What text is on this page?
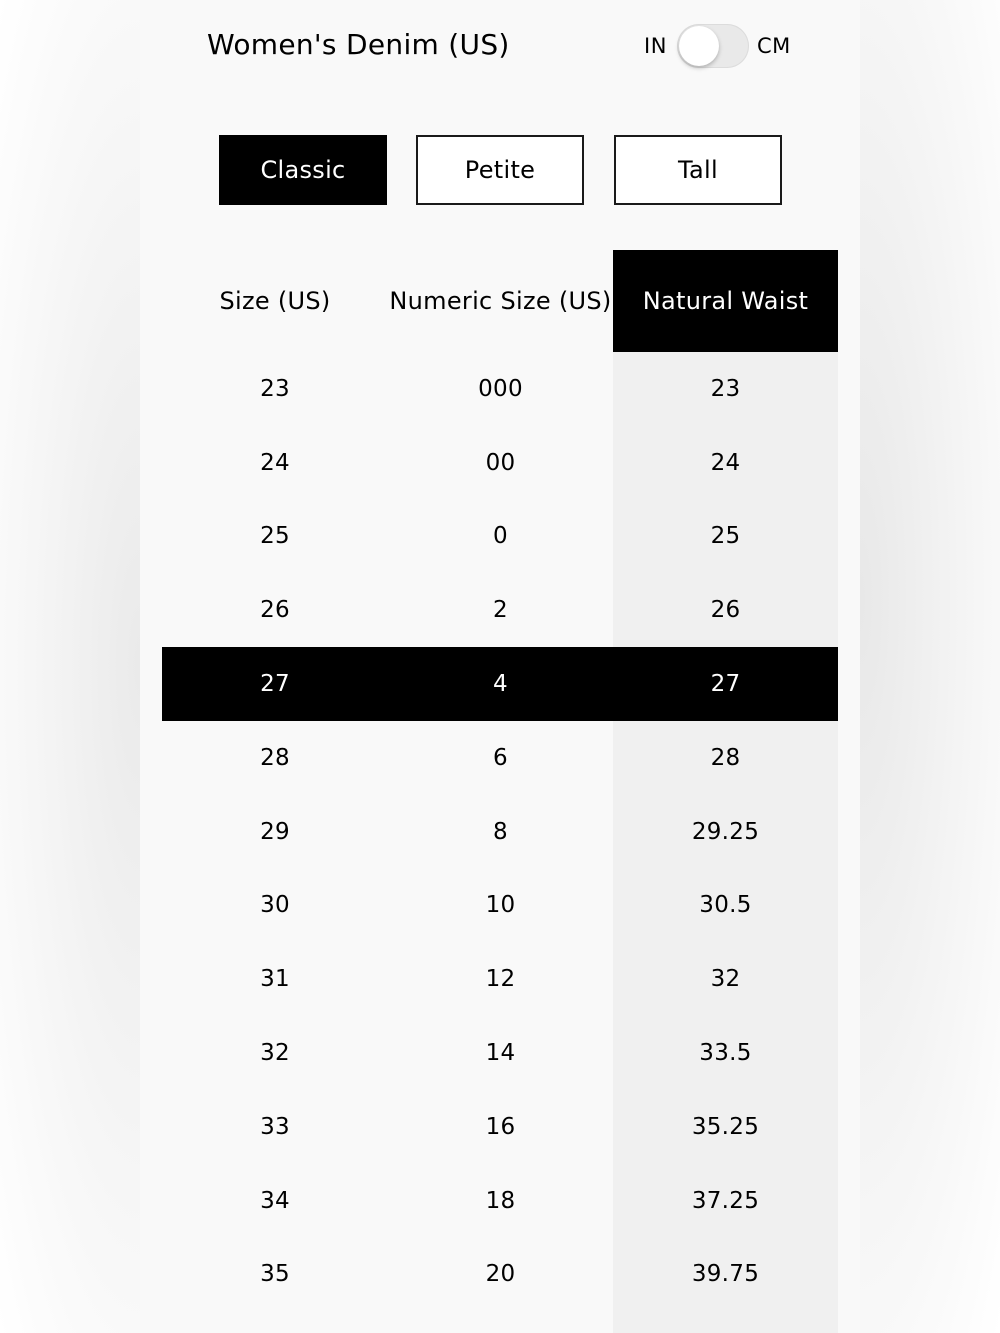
Women's Denim (US)	IN	CM
Classic	Petite	Tall
Size (US)	Numeric Size (US)	Natural Waist
23	000	23
24	00	24
25	0	25
26	2	26
27	4	27
28	6	28
29	8	29.25
30	10	30.5
31	12	32
32	14	33.5
33	16	35.25
34	18	37.25
35	20	39.75
